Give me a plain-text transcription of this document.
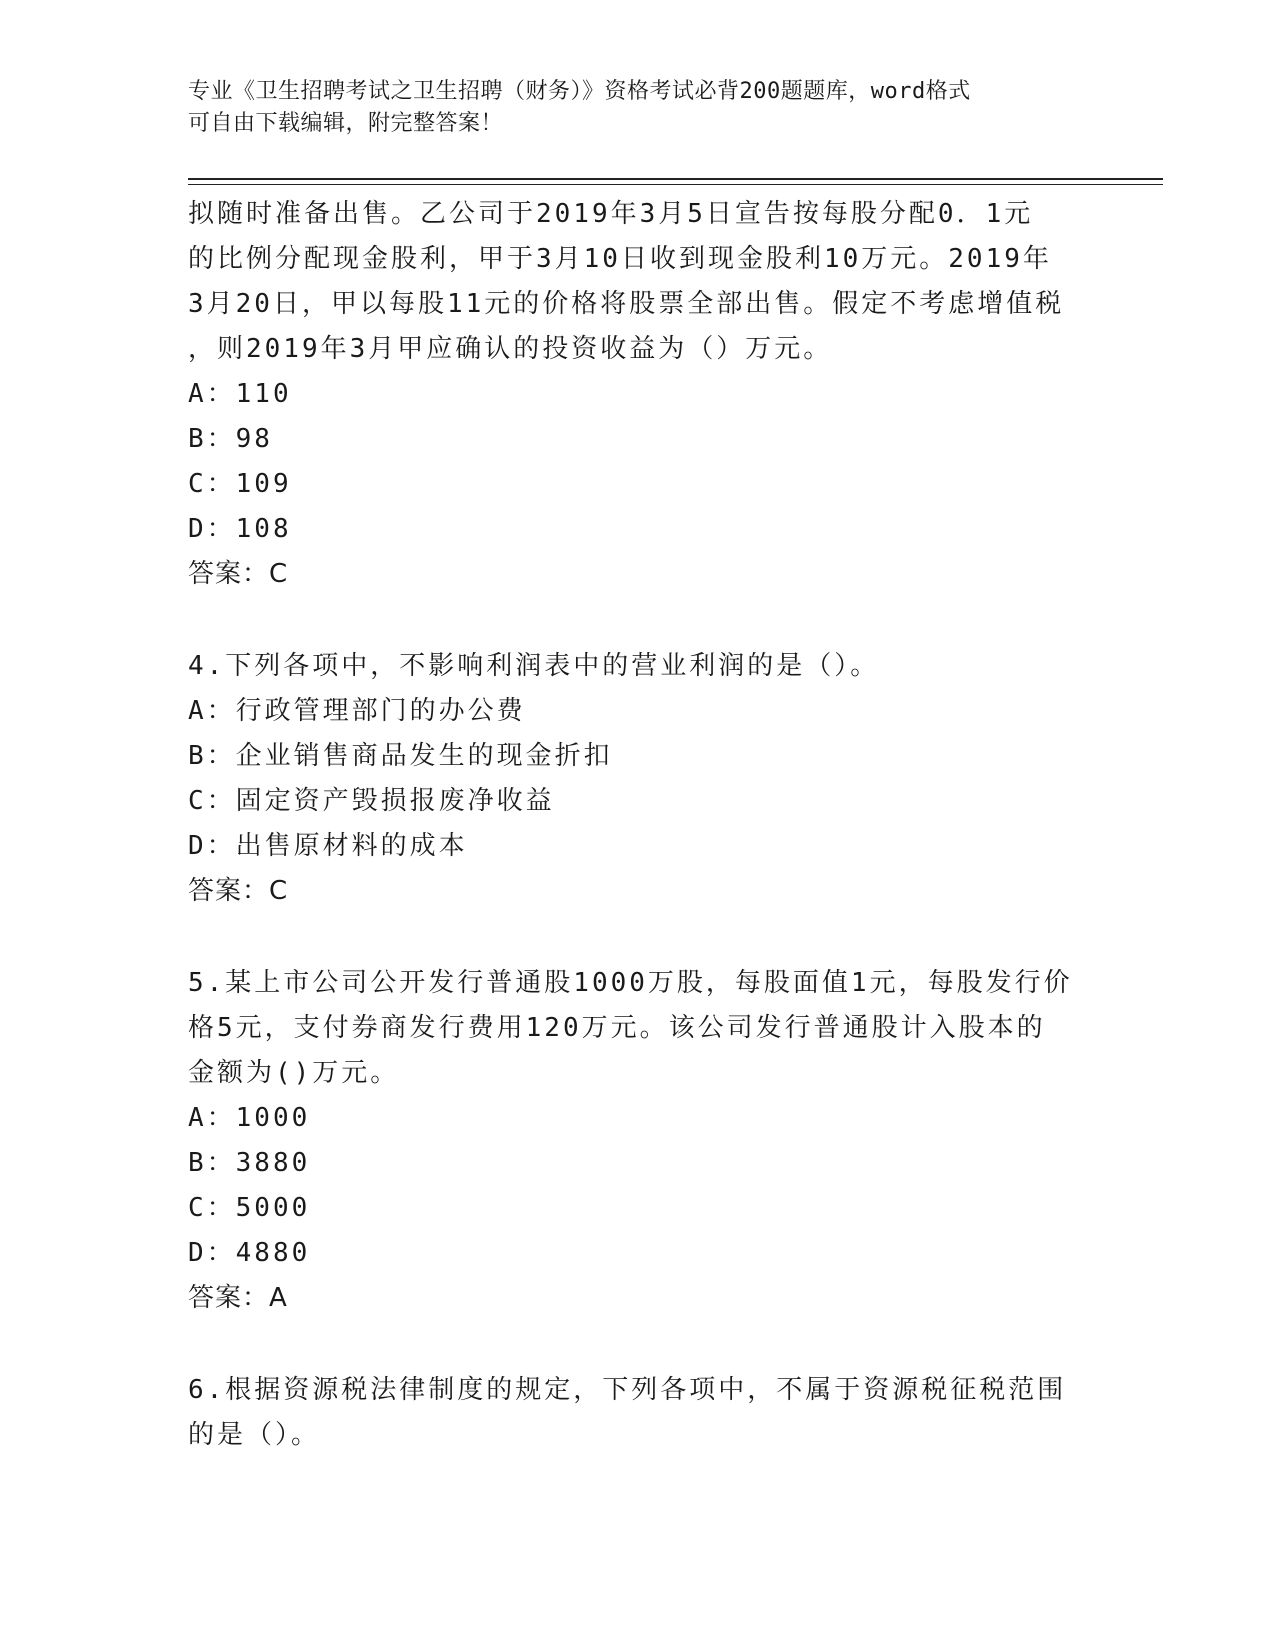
专业《卫生招聘考试之卫生招聘（财务）》资格考试必背200题题库，word格式
可自由下载编辑，附完整答案！
拟随时准备出售。乙公司于2019年3月5日宣告按每股分配0．1元
的比例分配现金股利，甲于3月10日收到现金股利10万元。2019年
3月20日，甲以每股11元的价格将股票全部出售。假定不考虑增值税
，则2019年3月甲应确认的投资收益为（）万元。
A：110
B：98
C：109
D：108
答案：C
4.下列各项中，不影响利润表中的营业利润的是（）。
A：行政管理部门的办公费
B：企业销售商品发生的现金折扣
C：固定资产毁损报废净收益
D：出售原材料的成本
答案：C
5.某上市公司公开发行普通股1000万股，每股面值1元，每股发行价
格5元，支付券商发行费用120万元。该公司发行普通股计入股本的
金额为()万元。
A：1000
B：3880
C：5000
D：4880
答案：A
6.根据资源税法律制度的规定，下列各项中，不属于资源税征税范围
的是（）。
